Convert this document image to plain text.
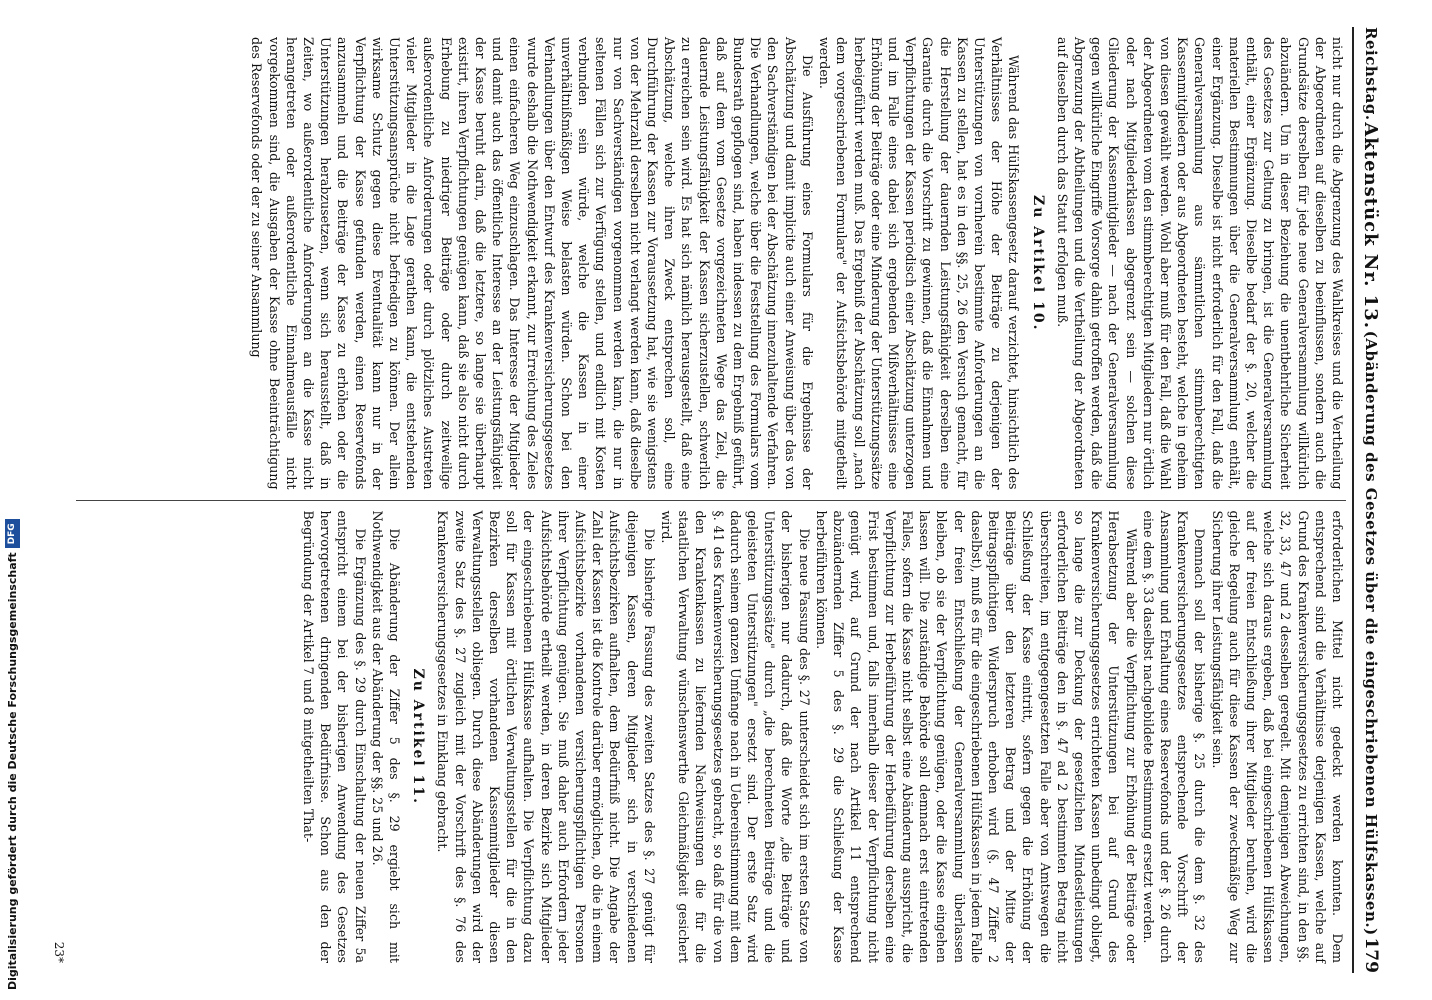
Reichstag.
Aktenstück Nr. 13.
(Abänderung des Gesetzes über die eingeschriebenen Hülfskassen.)
179

nicht nur durch die Abgrenzung des Wahlkreises und die Vertheilung der Abgeordneten auf dieselben zu beeinflussen, sondern auch die Grundsätze derselben für jede neue Generalversammlung willkürlich abzuändern. Um in dieser Beziehung die unentbehrliche Sicherheit des Gesetzes zur Geltung zu bringen, ist die Generalversammlung enthält, einer Ergänzung. Dieselbe bedarf der §. 20, welcher die materiellen Bestimmungen über die Generalversammlung enthält, einer Ergänzung. Dieselbe ist nicht erforderlich für den Fall, daß die Generalversammlung aus sämmtlichen stimmberechtigten Kassenmitgliedern oder aus Abgeordneten besteht, welche in geheim von diesen gewählt werden. Wohl aber muß für den Fall, daß die Wahl der Abgeordneten vom den stimmberechtigten Mitgliedern nur örtlich oder nach Mitgliederklassen abgegrenzt sein — solchen diese Gliederung der Kassenmitglieder — nach der Generalversammlung gegen willkürliche Eingriffe Vorsorge dahin getroffen werden, daß die Abgrenzung der Abtheilungen und die Vertheilung der Abgeordneten auf dieselben durch das Statut erfolgen muß.

Zu Artikel 10.

Während das Hülfskassengesetz darauf verzichtet, hinsichtlich des Verhältnisses der Höhe der Beiträge zu derjenigen der Unterstützungen von vornherein bestimmte Anforderungen an die Kassen zu stellen, hat es in den §§. 25, 26 den Versuch gemacht, für die Herstellung der dauernden Leistungsfähigkeit derselben eine Garantie durch die Vorschrift zu gewinnen, daß die Einnahmen und Verpflichtungen der Kassen periodisch einer Abschätzung unterzogen und im Falle eines dabei sich ergebenden Mißverhältnisses eine Erhöhung der Beiträge oder eine Minderung der Unterstützungssätze herbeigeführt werden muß. Das Ergebniß der Abschätzung soll „nach dem vorgeschriebenen Formulare" der Aufsichtsbehörde mitgetheilt werden.

Die Ausführung eines Formulars für die Ergebnisse der Abschätzung und damit implicite auch einer Anweisung über das von den Sachverständigen bei der Abschätzung innezuhaltende Verfahren. Die Verhandlungen, welche über die Feststellung des Formulars vom Bundesrath gepflogen sind, haben indessen zu dem Ergebniß geführt, daß auf dem vom Gesetze vorgezeichneten Wege das Ziel, die dauernde Leistungsfähigkeit der Kassen sicherzustellen, schwerlich zu erreichen sein wird. Es hat sich nämlich herausgestellt, daß eine Abschätzung, welche ihren Zweck entsprechen soll, eine Durchführung der Kassen zur Voraussetzung hat, wie sie wenigstens von der Mehrzahl derselben nicht verlangt werden kann, daß dieselbe nur von Sachverständigen vorgenommen werden kann, die nur in seltenen Fällen sich zur Verfügung stellen, und endlich mit Kosten verbunden sein würde, welche die Kassen in einer unverhältnißmäßigen Weise belasten würden. Schon bei den Verhandlungen über den Entwurf des Krankenversicherungsgesetzes wurde deshalb die Nothwendigkeit erkannt, zur Erreichung des Zieles einen einfacheren Weg einzuschlagen. Das Interesse der Mitglieder und damit auch das öffentliche Interesse an der Leistungsfähigkeit der Kasse beruht darin, daß die letztere, so lange sie überhaupt existirt, ihren Verpflichtungen genügen kann, daß sie also nicht durch Erhebung zu niedriger Beiträge oder durch zeitweilige außerordentliche Anforderungen oder durch plötzliches Austreten vieler Mitglieder in die Lage gerathen kann, die entstehenden Unterstützungsansprüche nicht befriedigen zu können. Der allein wirksame Schutz gegen diese Eventualität kann nur in der Verpflichtung der Kasse gefunden werden, einen Reservefonds anzusammeln und die Beiträge der Kasse zu erhöhen oder die Unterstützungen herabzusetzen, wenn sich herausstellt, daß in Zeiten, wo außerordentliche Anforderungen an die Kasse nicht herangetreten oder außerordentliche Einnahmeausfälle nicht vorgekommen sind, die Ausgaben der Kasse ohne Beeinträchtigung des Reservefonds oder der zu seiner Ansammlung

erforderlichen Mittel nicht gedeckt werden konnten. Dem entsprechend sind die Verhältnisse derjenigen Kassen, welche auf Grund des Krankenversicherungsgesetzes zu errichten sind, in den §§. 32, 33, 47 und 2 desselben geregelt. Mit demjenigen Abweichungen, welche sich daraus ergeben, daß bei eingeschriebenen Hülfskassen auf der freien Entschließung ihrer Mitglieder beruhen, wird die gleiche Regelung auch für diese Kassen der zweckmäßige Weg zur Sicherung ihrer Leistungsfähigkeit sein.

Demnach soll der bisherige §. 25 durch die dem §. 32 des Krankenversicherungsgesetzes entsprechende Vorschrift der Ansammlung und Erhaltung eines Reservefonds und der §. 26 durch eine dem §. 33 daselbst nachgebildete Bestimmung ersetzt werden.

Während aber die Verpflichtung zur Erhöhung der Beiträge oder Herabsetzung der Unterstützungen bei auf Grund des Krankenversicherungsgesetzes errichteten Kassen unbedingt obliegt, so lange die zur Deckung der gesetzlichen Mindestleistungen erforderlichen Beiträge den in §. 47 ad 2 bestimmten Betrag nicht überschreiten, im entgegengesetzten Falle aber von Amtswegen die Schließung der Kasse eintritt, sofern gegen die Erhöhung der Beiträge über den letzteren Betrag und der Mitte der Beitragspflichtigen Widerspruch erhoben wird (§. 47 Ziffer 2 daselbst), muß es für die eingeschriebenen Hülfskassen in jedem Falle der freien Entschließung der Generalversammlung überlassen bleiben, ob sie der Verpflichtung genügen, oder die Kasse eingehen lassen will. Die zuständige Behörde soll demnach erst eintretenden Falles, sofern die Kasse nicht selbst eine Abänderung ausspricht, die Verpflichtung zur Herbeiführung der Herbeiführung derselben eine Frist bestimmen und, falls innerhalb dieser der Verpflichtung nicht genügt wird, auf Grund der nach Artikel 11 entsprechend abzuändernden Ziffer 5 des §. 29 die Schließung der Kasse herbeiführen können.

Die neue Fassung des §. 27 unterscheidet sich im ersten Satze von der bisherigen nur dadurch, daß die Worte „die Beiträge und Unterstützungssätze" durch „die berechneten Beiträge und die geleisteten Unterstützungen" ersetzt sind. Der erste Satz wird dadurch seinem ganzen Umfange nach in Uebereinstimmung mit dem §. 41 des Krankenversicherungsgesetzes gebracht, so daß für die von den Krankenkassen zu liefernden Nachweisungen die für die staatlichen Verwaltung wünschenswerthe Gleichmäßigkeit gesichert wird.

Die bisherige Fassung des zweiten Satzes des §. 27 genügt für diejenigen Kassen, deren Mitglieder sich in verschiedenen Aufsichtsbezirken aufhalten, dem Bedürfniß nicht. Die Angabe der Zahl der Kassen ist die Kontrole darüber ermöglichen, ob die in einem Aufsichtsbezirke vorhandenen versicherungspflichtigen Personen ihrer Verpflichtung genügen. Sie muß daher auch Erfordern jeder Aufsichtsbehörde ertheilt werden, in deren Bezirke sich Mitglieder der eingeschriebenen Hülfskasse aufhalten. Die Verpflichtung dazu soll für Kassen mit örtlichen Verwaltungsstellen für die in den Bezirken derselben vorhandenen Kassenmitglieder diesen Verwaltungsstellen obliegen. Durch diese Abänderungen wird der zweite Satz des §. 27 zugleich mit der Vorschrift des §. 76 des Krankenversicherungsgesetzes in Einklang gebracht.

Zu Artikel 11.

Die Abänderung der Ziffer 5 des §. 29 ergiebt sich mit Nothwendigkeit aus der Abänderung der §§. 25 und 26.

Die Ergänzung des §. 29 durch Einschaltung der neuen Ziffer 5a entspricht einem bei der bisherigen Anwendung des Gesetzes hervorgetretenen dringenden Bedürfnisse. Schon aus den der Begründung der Artikel 7 und 8 mitgetheilten That-

23*
Digitalisierung gefördert durch die Deutsche Forschungsgemeinschaft
DFG
